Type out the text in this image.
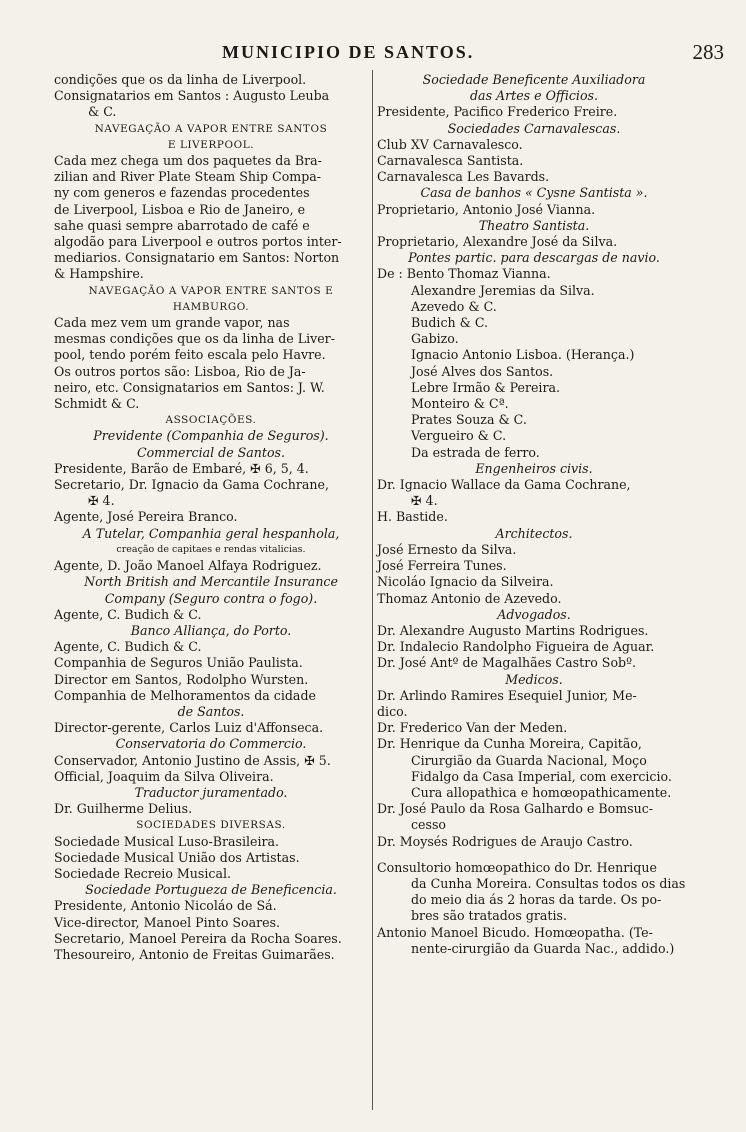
MUNICIPIO DE SANTOS.	283
condições que os da linha de Liverpool.
Consignatarios em Santos : Augusto Leuba
& C.
NAVEGAÇÃO A VAPOR ENTRE SANTOS
E LIVERPOOL.
Cada mez chega um dos paquetes da Bra-
zilian and River Plate Steam Ship Compa-
ny com generos e fazendas procedentes
de Liverpool, Lisboa e Rio de Janeiro, e
sahe quasi sempre abarrotado de café e
algodão para Liverpool e outros portos inter-
mediarios. Consignatario em Santos: Norton
& Hampshire.
NAVEGAÇÃO A VAPOR ENTRE SANTOS E
HAMBURGO.
Cada mez vem um grande vapor, nas
mesmas condições que os da linha de Liver-
pool, tendo porém feito escala pelo Havre.
Os outros portos são: Lisboa, Rio de Ja-
neiro, etc. Consignatarios em Santos: J. W.
Schmidt & C.
ASSOCIAÇÕES.
Previdente (Companhia de Seguros).
Commercial de Santos.
Presidente, Barão de Embaré, ✠ 6, 5, 4.
Secretario, Dr. Ignacio da Gama Cochrane,
✠ 4.
Agente, José Pereira Branco.
A Tutelar, Companhia geral hespanhola,
creação de capitaes e rendas vitalicias.
Agente, D. João Manoel Alfaya Rodriguez.
North British and Mercantile Insurance
Company (Seguro contra o fogo).
Agente, C. Budich & C.
Banco Alliança, do Porto.
Agente, C. Budich & C.
Companhia de Seguros União Paulista.
Director em Santos, Rodolpho Wursten.
Companhia de Melhoramentos da cidade
de Santos.
Director-gerente, Carlos Luiz d'Affonseca.
Conservatoria do Commercio.
Conservador, Antonio Justino de Assis, ✠ 5.
Official, Joaquim da Silva Oliveira.
Traductor juramentado.
Dr. Guilherme Delius.
SOCIEDADES DIVERSAS.
Sociedade Musical Luso-Brasileira.
Sociedade Musical União dos Artistas.
Sociedade Recreio Musical.
Sociedade Portugueza de Beneficencia.
Presidente, Antonio Nicoláo de Sá.
Vice-director, Manoel Pinto Soares.
Secretario, Manoel Pereira da Rocha Soares.
Thesoureiro, Antonio de Freitas Guimarães.
Sociedade Beneficente Auxiliadora
das Artes e Officios.
Presidente, Pacifico Frederico Freire.
Sociedades Carnavalescas.
Club XV Carnavalesco.
Carnavalesca Santista.
Carnavalesca Les Bavards.
Casa de banhos « Cysne Santista ».
Proprietario, Antonio José Vianna.
Theatro Santista.
Proprietario, Alexandre José da Silva.
Pontes partic. para descargas de navio.
De : Bento Thomaz Vianna.
Alexandre Jeremias da Silva.
Azevedo & C.
Budich & C.
Gabizo.
Ignacio Antonio Lisboa. (Herança.)
José Alves dos Santos.
Lebre Irmão & Pereira.
Monteiro & Cª.
Prates Souza & C.
Vergueiro & C.
Da estrada de ferro.
Engenheiros civis.
Dr. Ignacio Wallace da Gama Cochrane,
✠ 4.
H. Bastide.
Architectos.
José Ernesto da Silva.
José Ferreira Tunes.
Nicoláo Ignacio da Silveira.
Thomaz Antonio de Azevedo.
Advogados.
Dr. Alexandre Augusto Martins Rodrigues.
Dr. Indalecio Randolpho Figueira de Aguar.
Dr. José Antº de Magalhães Castro Sobº.
Medicos.
Dr. Arlindo Ramires Esequiel Junior, Me-
dico.
Dr. Frederico Van der Meden.
Dr. Henrique da Cunha Moreira, Capitão,
Cirurgião da Guarda Nacional, Moço
Fidalgo da Casa Imperial, com exercicio.
Cura allopathica e homœopathicamente.
Dr. José Paulo da Rosa Galhardo e Bomsuc-
cesso
Dr. Moysés Rodrigues de Araujo Castro.
Consultorio homœopathico do Dr. Henrique
da Cunha Moreira. Consultas todos os dias
do meio dia ás 2 horas da tarde. Os po-
bres são tratados gratis.
Antonio Manoel Bicudo. Homœopatha. (Te-
nente-cirurgião da Guarda Nac., addido.)
